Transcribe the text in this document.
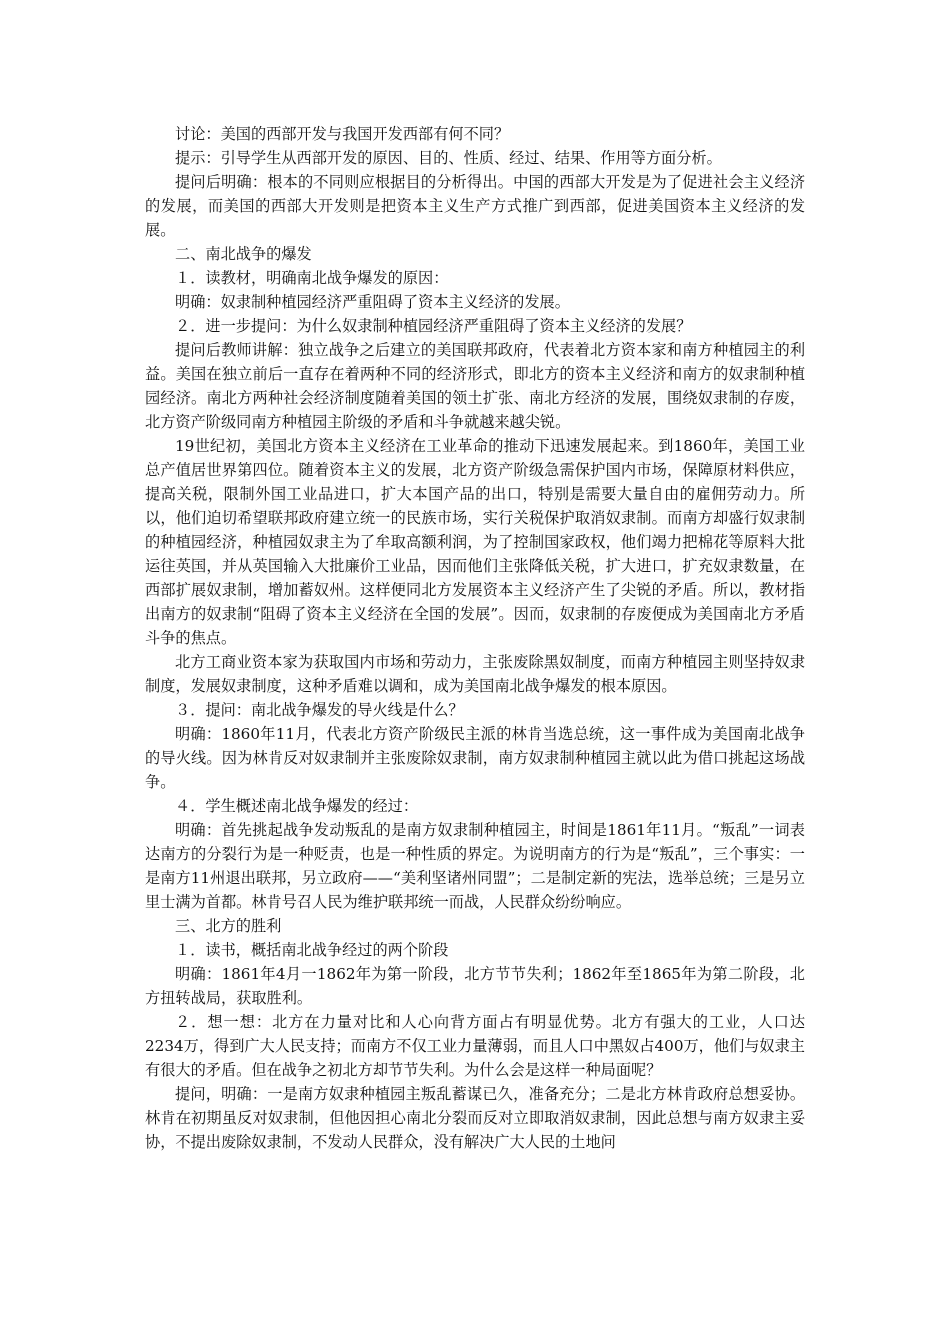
讨论：美国的西部开发与我国开发西部有何不同？

提示：引导学生从西部开发的原因、目的、性质、经过、结果、作用等方面分析。

提问后明确：根本的不同则应根据目的分析得出。中国的西部大开发是为了促进社会主义经济的发展，而美国的西部大开发则是把资本主义生产方式推广到西部，促进美国资本主义经济的发展。

二、南北战争的爆发

１．读教材，明确南北战争爆发的原因：

明确：奴隶制种植园经济严重阻碍了资本主义经济的发展。

２．进一步提问：为什么奴隶制种植园经济严重阻碍了资本主义经济的发展？

提问后教师讲解：独立战争之后建立的美国联邦政府，代表着北方资本家和南方种植园主的利益。美国在独立前后一直存在着两种不同的经济形式，即北方的资本主义经济和南方的奴隶制种植园经济。南北方两种社会经济制度随着美国的领土扩张、南北方经济的发展，围绕奴隶制的存废，北方资产阶级同南方种植园主阶级的矛盾和斗争就越来越尖锐。

19世纪初，美国北方资本主义经济在工业革命的推动下迅速发展起来。到1860年，美国工业总产值居世界第四位。随着资本主义的发展，北方资产阶级急需保护国内市场，保障原材料供应，提高关税，限制外国工业品进口，扩大本国产品的出口，特别是需要大量自由的雇佣劳动力。所以，他们迫切希望联邦政府建立统一的民族市场，实行关税保护取消奴隶制。而南方却盛行奴隶制的种植园经济，种植园奴隶主为了牟取高额利润，为了控制国家政权，他们竭力把棉花等原料大批运往英国，并从英国输入大批廉价工业品，因而他们主张降低关税，扩大进口，扩充奴隶数量，在西部扩展奴隶制，增加蓄奴州。这样便同北方发展资本主义经济产生了尖锐的矛盾。所以，教材指出南方的奴隶制“阻碍了资本主义经济在全国的发展”。因而，奴隶制的存废便成为美国南北方矛盾斗争的焦点。

北方工商业资本家为获取国内市场和劳动力，主张废除黑奴制度，而南方种植园主则坚持奴隶制度，发展奴隶制度，这种矛盾难以调和，成为美国南北战争爆发的根本原因。

３．提问：南北战争爆发的导火线是什么？

明确：1860年11月，代表北方资产阶级民主派的林肯当选总统，这一事件成为美国南北战争的导火线。因为林肯反对奴隶制并主张废除奴隶制，南方奴隶制种植园主就以此为借口挑起这场战争。

４．学生概述南北战争爆发的经过：

明确：首先挑起战争发动叛乱的是南方奴隶制种植园主，时间是1861年11月。“叛乱”一词表达南方的分裂行为是一种贬责，也是一种性质的界定。为说明南方的行为是“叛乱”，三个事实：一是南方11州退出联邦，另立政府——“美利坚诸州同盟”；二是制定新的宪法，选举总统；三是另立里士满为首都。林肯号召人民为维护联邦统一而战，人民群众纷纷响应。

三、北方的胜利

１．读书，概括南北战争经过的两个阶段

明确：1861年4月一1862年为第一阶段，北方节节失利；1862年至1865年为第二阶段，北方扭转战局，获取胜利。

２．想一想：北方在力量对比和人心向背方面占有明显优势。北方有强大的工业，人口达2234万，得到广大人民支持；而南方不仅工业力量薄弱，而且人口中黑奴占400万，他们与奴隶主有很大的矛盾。但在战争之初北方却节节失利。为什么会是这样一种局面呢？

提问，明确：一是南方奴隶种植园主叛乱蓄谋已久，准备充分；二是北方林肯政府总想妥协。林肯在初期虽反对奴隶制，但他因担心南北分裂而反对立即取消奴隶制，因此总想与南方奴隶主妥协，不提出废除奴隶制，不发动人民群众，没有解决广大人民的土地问
